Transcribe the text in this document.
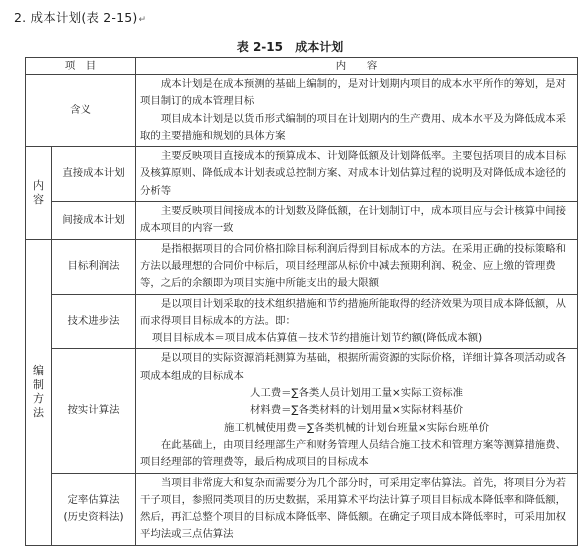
2. 成本计划(表 2-15)↵
表 2-15 成本计划
项　目		内　　容
含义		成本计划是在成本预测的基础上编制的，是对计划期内项目的成本水平所作的筹划，是对项目制订的成本管理目标

项目成本计划是以货币形式编制的项目在计划期内的生产费用、成本水平及为降低成本采取的主要措施和规划的具体方案

内容	直接成本计划	主要反映项目直接成本的预算成本、计划降低额及计划降低率。主要包括项目的成本目标及核算原则、降低成本计划表或总控制方案、对成本计划估算过程的说明及对降低成本途径的分析等

	间接成本计划	主要反映项目间接成本的计划数及降低额，在计划制订中，成本项目应与会计核算中间接成本项目的内容一致

编制方法	目标利润法	是指根据项目的合同价格扣除目标利润后得到目标成本的方法。在采用正确的投标策略和方法以最理想的合同价中标后，项目经理部从标价中减去预期利润、税金、应上缴的管理费等，之后的余额即为项目实施中所能支出的最大限额

	技术进步法	是以项目计划采取的技术组织措施和节约措施所能取得的经济效果为项目成本降低额，从而求得项目目标成本的方法。即：

项目目标成本＝项目成本估算值－技术节约措施计划节约额(降低成本额)

	按实计算法	是以项目的实际资源消耗测算为基础，根据所需资源的实际价格，详细计算各项活动或各项成本组成的目标成本

人工费＝∑各类人员计划用工量×实际工资标准

材料费＝∑各类材料的计划用量×实际材料基价

施工机械使用费＝∑各类机械的计划台班量×实际台班单价

在此基础上，由项目经理部生产和财务管理人员结合施工技术和管理方案等测算措施费、项目经理部的管理费等，最后构成项目的目标成本

	定率估算法
(历史资料法)	当项目非常庞大和复杂而需要分为几个部分时，可采用定率估算法。首先，将项目分为若干子项目，参照同类项目的历史数据，采用算术平均法计算子项目目标成本降低率和降低额，然后，再汇总整个项目的目标成本降低率、降低额。在确定子项目成本降低率时，可采用加权平均法或三点估算法
